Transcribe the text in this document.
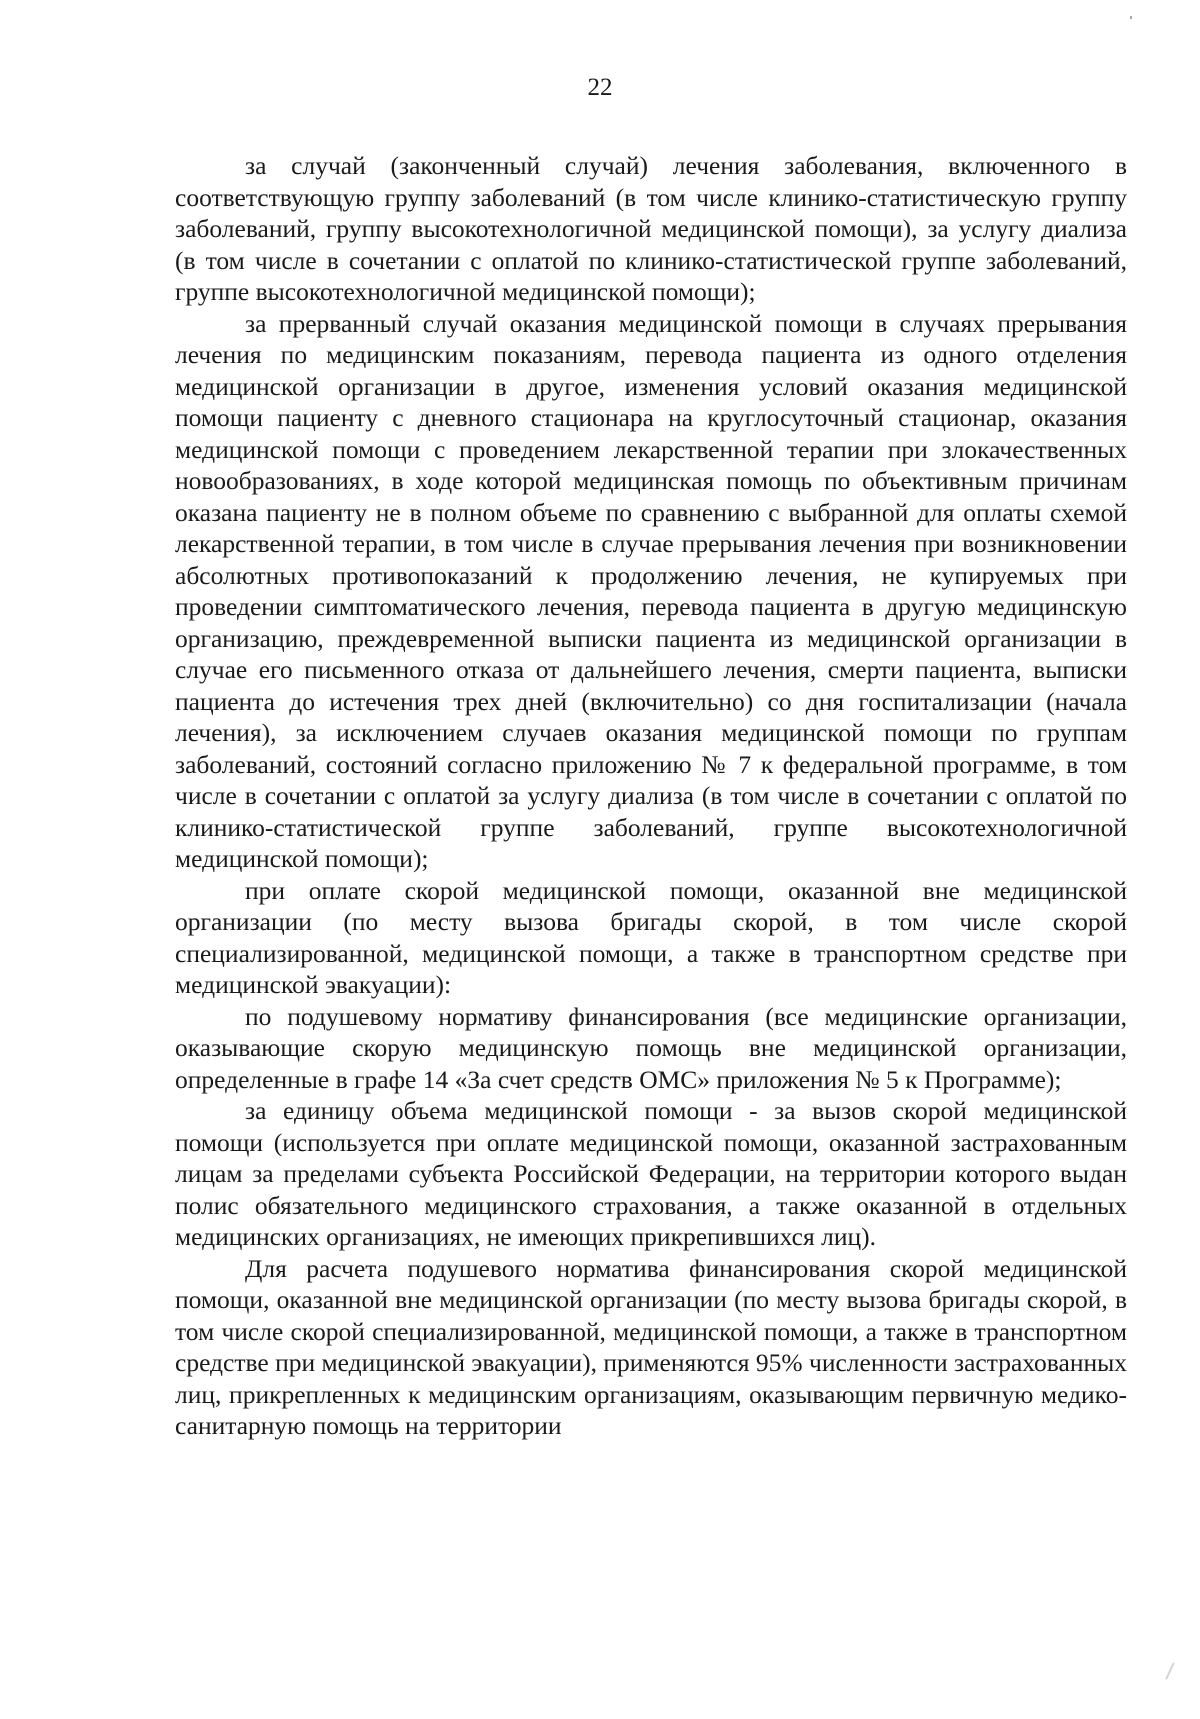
22

за случай (законченный случай) лечения заболевания, включенного в соответствующую группу заболеваний (в том числе клинико-статистическую группу заболеваний, группу высокотехнологичной медицинской помощи), за услугу диализа (в том числе в сочетании с оплатой по клинико-статистической группе заболеваний, группе высокотехнологичной медицинской помощи);

за прерванный случай оказания медицинской помощи в случаях прерывания лечения по медицинским показаниям, перевода пациента из одного отделения медицинской организации в другое, изменения условий оказания медицинской помощи пациенту с дневного стационара на круглосуточный стационар, оказания медицинской помощи с проведением лекарственной терапии при злокачественных новообразованиях, в ходе которой медицинская помощь по объективным причинам оказана пациенту не в полном объеме по сравнению с выбранной для оплаты схемой лекарственной терапии, в том числе в случае прерывания лечения при возникновении абсолютных противопоказаний к продолжению лечения, не купируемых при проведении симптоматического лечения, перевода пациента в другую медицинскую организацию, преждевременной выписки пациента из медицинской организации в случае его письменного отказа от дальнейшего лечения, смерти пациента, выписки пациента до истечения трех дней (включительно) со дня госпитализации (начала лечения), за исключением случаев оказания медицинской помощи по группам заболеваний, состояний согласно приложению № 7 к федеральной программе, в том числе в сочетании с оплатой за услугу диализа (в том числе в сочетании с оплатой по клинико-статистической группе заболеваний, группе высокотехнологичной медицинской помощи);

при оплате скорой медицинской помощи, оказанной вне медицинской организации (по месту вызова бригады скорой, в том числе скорой специализированной, медицинской помощи, а также в транспортном средстве при медицинской эвакуации):

по подушевому нормативу финансирования (все медицинские организации, оказывающие скорую медицинскую помощь вне медицинской организации, определенные в графе 14 «За счет средств ОМС» приложения № 5 к Программе);

за единицу объема медицинской помощи - за вызов скорой медицинской помощи (используется при оплате медицинской помощи, оказанной застрахованным лицам за пределами субъекта Российской Федерации, на территории которого выдан полис обязательного медицинского страхования, а также оказанной в отдельных медицинских организациях, не имеющих прикрепившихся лиц).

Для расчета подушевого норматива финансирования скорой медицинской помощи, оказанной вне медицинской организации (по месту вызова бригады скорой, в том числе скорой специализированной, медицинской помощи, а также в транспортном средстве при медицинской эвакуации), применяются 95% численности застрахованных лиц, прикрепленных к медицинским организациям, оказывающим первичную медико-санитарную помощь на территории
